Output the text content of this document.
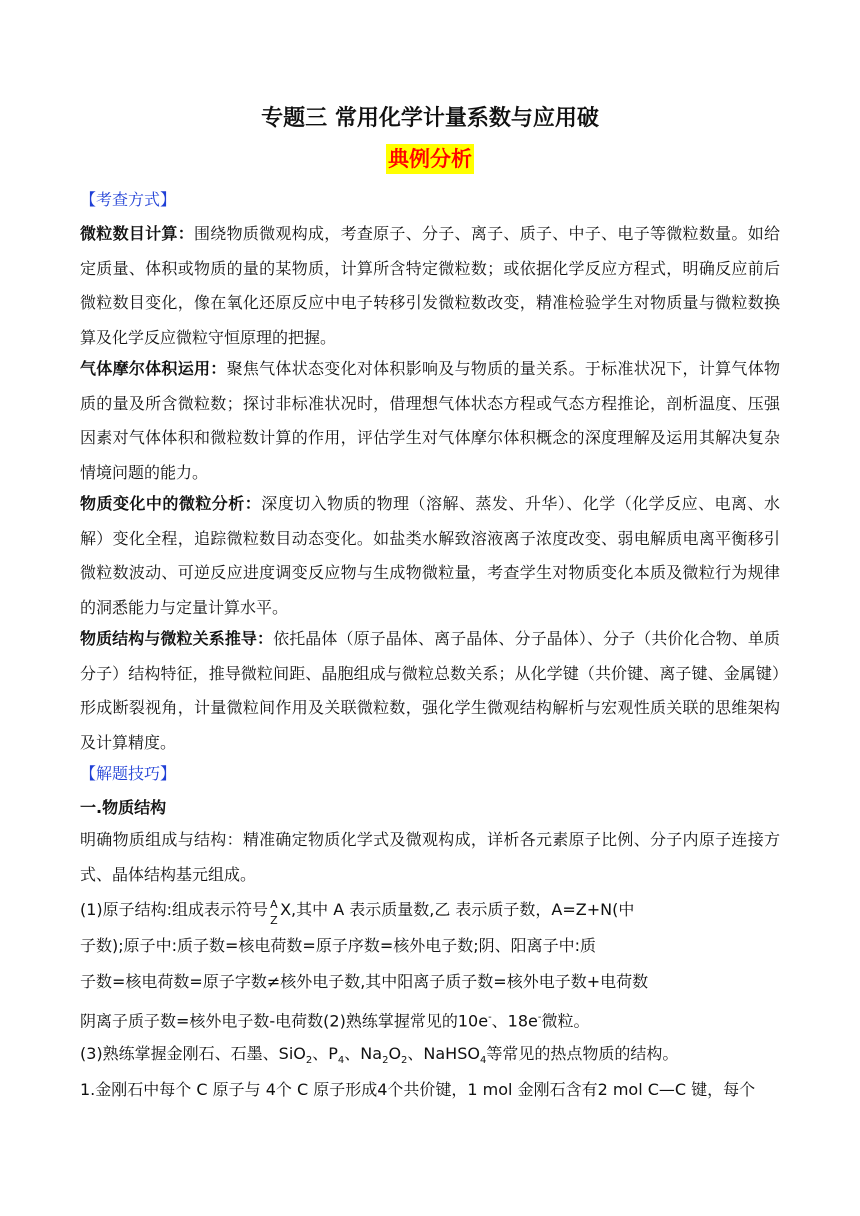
专题三 常用化学计量系数与应用破
典例分析
【考查方式】
微粒数目计算：围绕物质微观构成，考查原子、分子、离子、质子、中子、电子等微粒数量。如给定质量、体积或物质的量的某物质，计算所含特定微粒数；或依据化学反应方程式，明确反应前后微粒数目变化，像在氧化还原反应中电子转移引发微粒数改变，精准检验学生对物质量与微粒数换算及化学反应微粒守恒原理的把握。
气体摩尔体积运用：聚焦气体状态变化对体积影响及与物质的量关系。于标准状况下，计算气体物质的量及所含微粒数；探讨非标准状况时，借理想气体状态方程或气态方程推论，剖析温度、压强因素对气体体积和微粒数计算的作用，评估学生对气体摩尔体积概念的深度理解及运用其解决复杂情境问题的能力。
物质变化中的微粒分析：深度切入物质的物理（溶解、蒸发、升华）、化学（化学反应、电离、水解）变化全程，追踪微粒数目动态变化。如盐类水解致溶液离子浓度改变、弱电解质电离平衡移引微粒数波动、可逆反应进度调变反应物与生成物微粒量，考查学生对物质变化本质及微粒行为规律的洞悉能力与定量计算水平。
物质结构与微粒关系推导：依托晶体（原子晶体、离子晶体、分子晶体）、分子（共价化合物、单质分子）结构特征，推导微粒间距、晶胞组成与微粒总数关系；从化学键（共价键、离子键、金属键）形成断裂视角，计量微粒间作用及关联微粒数，强化学生微观结构解析与宏观性质关联的思维架构及计算精度。
【解题技巧】
一.物质结构
明确物质组成与结构：精准确定物质化学式及微观构成，详析各元素原子比例、分子内原子连接方式、晶体结构基元组成。
(1)原子结构:组成表示符号 A
Z
X,其中 A 表示质量数,乙 表示质子数，A=Z+N(中
子数);原子中:质子数=核电荷数=原子序数=核外电子数;阴、阳离子中:质
子数=核电荷数=原子字数≠核外电子数,其中阳离子质子数=核外电子数+电荷数
阴离子质子数=核外电子数-电荷数(2)熟练掌握常见的10e-、18e-微粒。
(3)熟练掌握金刚石、石墨、SiO$_2$、$P_4$、$Na_2O_2$、NaHSO$_4$等常见的热点物质的结构。
1.金刚石中每个 C 原子与 4个 C 原子形成4个共价键，1 mol 金刚石含有2 mol C—C 键，每个
